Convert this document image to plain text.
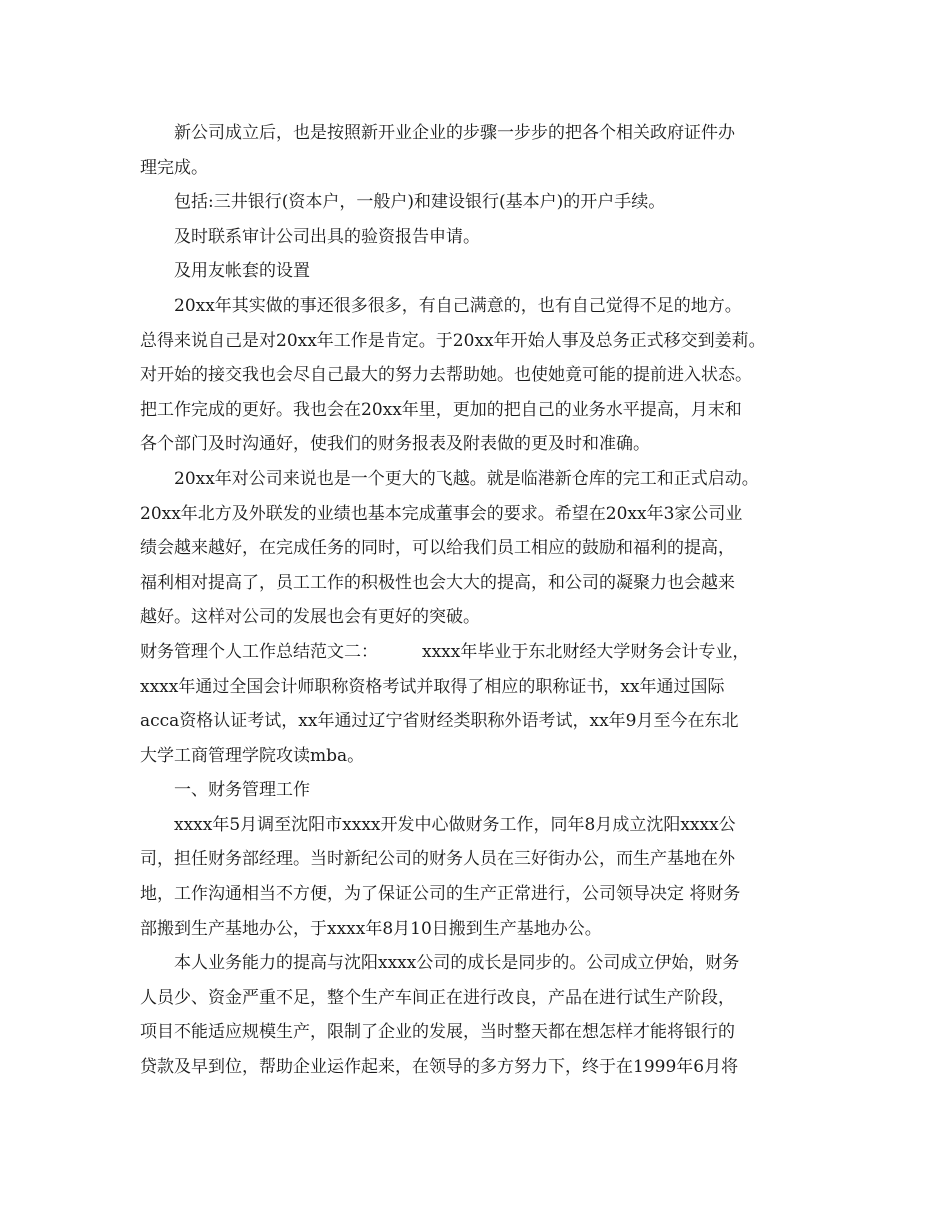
新公司成立后，也是按照新开业企业的步骤一步步的把各个相关政府证件办
理完成。
包括:三井银行(资本户，一般户)和建设银行(基本户)的开户手续。
及时联系审计公司出具的验资报告申请。
及用友帐套的设置
20xx年其实做的事还很多很多，有自己满意的，也有自己觉得不足的地方。
总得来说自己是对20xx年工作是肯定。于20xx年开始人事及总务正式移交到姜莉。
对开始的接交我也会尽自己最大的努力去帮助她。也使她竟可能的提前进入状态。
把工作完成的更好。我也会在20xx年里，更加的把自己的业务水平提高，月末和
各个部门及时沟通好，使我们的财务报表及附表做的更及时和准确。
20xx年对公司来说也是一个更大的飞越。就是临港新仓库的完工和正式启动。
20xx年北方及外联发的业绩也基本完成董事会的要求。希望在20xx年3家公司业
绩会越来越好，在完成任务的同时，可以给我们员工相应的鼓励和福利的提高，
福利相对提高了，员工工作的积极性也会大大的提高，和公司的凝聚力也会越来
越好。这样对公司的发展也会有更好的突破。
财务管理个人工作总结范文二：	xxxx年毕业于东北财经大学财务会计专业，
xxxx年通过全国会计师职称资格考试并取得了相应的职称证书，xx年通过国际
acca资格认证考试，xx年通过辽宁省财经类职称外语考试，xx年9月至今在东北
大学工商管理学院攻读mba。
一、财务管理工作
xxxx年5月调至沈阳市xxxx开发中心做财务工作，同年8月成立沈阳xxxx公
司，担任财务部经理。当时新纪公司的财务人员在三好街办公，而生产基地在外
地，工作沟通相当不方便，为了保证公司的生产正常进行，公司领导决定 将财务
部搬到生产基地办公，于xxxx年8月10日搬到生产基地办公。
本人业务能力的提高与沈阳xxxx公司的成长是同步的。公司成立伊始，财务
人员少、资金严重不足，整个生产车间正在进行改良，产品在进行试生产阶段，
项目不能适应规模生产，限制了企业的发展，当时整天都在想怎样才能将银行的
贷款及早到位，帮助企业运作起来，在领导的多方努力下，终于在1999年6月将
